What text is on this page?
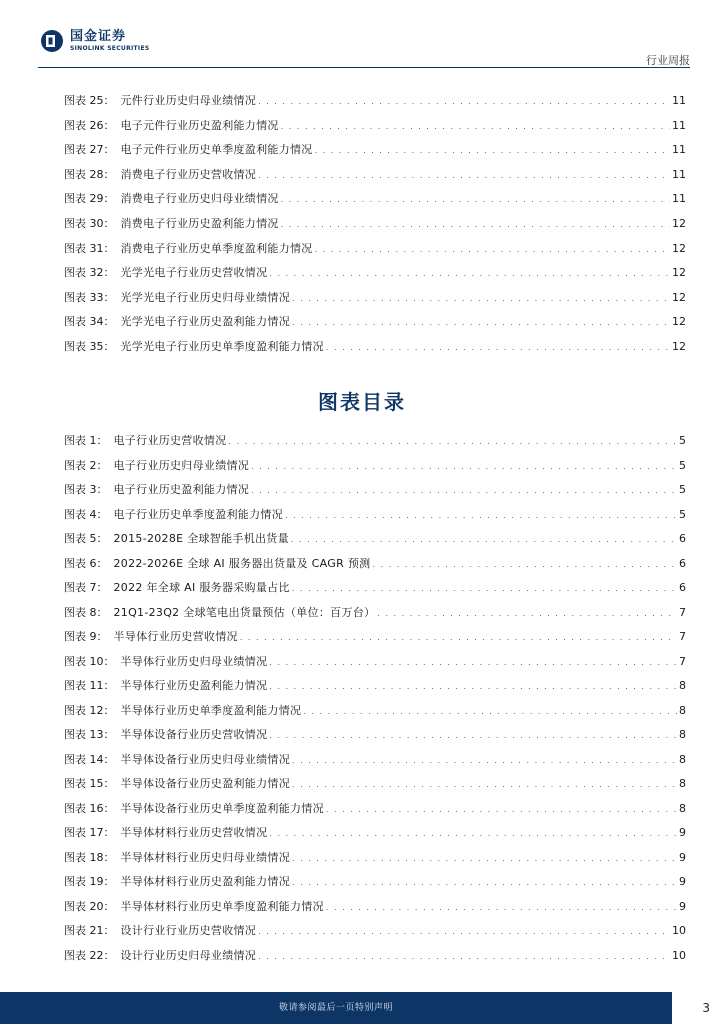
国金证券
SINOLINK SECURITIES
行业周报
图表 25： 元件行业历史归母业绩情况 . . .	11
图表 26： 电子元件行业历史盈利能力情况 . . .	11
图表 27： 电子元件行业历史单季度盈利能力情况 . . .	11
图表 28： 消费电子行业历史营收情况 . . .	11
图表 29： 消费电子行业历史归母业绩情况 . . .	11
图表 30： 消费电子行业历史盈利能力情况 . . .	12
图表 31： 消费电子行业历史单季度盈利能力情况 . . .	12
图表 32： 光学光电子行业历史营收情况 . . .	12
图表 33： 光学光电子行业历史归母业绩情况 . . .	12
图表 34： 光学光电子行业历史盈利能力情况 . . .	12
图表 35： 光学光电子行业历史单季度盈利能力情况 . . .	12
图表目录
图表 1： 电子行业历史营收情况 . . .	5
图表 2： 电子行业历史归母业绩情况 . . .	5
图表 3： 电子行业历史盈利能力情况 . . .	5
图表 4： 电子行业历史单季度盈利能力情况 . . .	5
图表 5： 2015-2028E 全球智能手机出货量 . . .	6
图表 6： 2022-2026E 全球 AI 服务器出货量及 CAGR 预测 . . .	6
图表 7： 2022 年全球 AI 服务器采购量占比 . . .	6
图表 8： 21Q1-23Q2 全球笔电出货量预估（单位：百万台） . . .	7
图表 9： 半导体行业历史营收情况 . . .	7
图表 10： 半导体行业历史归母业绩情况 . . .	7
图表 11： 半导体行业历史盈利能力情况 . . .	8
图表 12： 半导体行业历史单季度盈利能力情况 . . .	8
图表 13： 半导体设备行业历史营收情况 . . .	8
图表 14： 半导体设备行业历史归母业绩情况 . . .	8
图表 15： 半导体设备行业历史盈利能力情况 . . .	8
图表 16： 半导体设备行业历史单季度盈利能力情况 . . .	8
图表 17： 半导体材料行业历史营收情况 . . .	9
图表 18： 半导体材料行业历史归母业绩情况 . . .	9
图表 19： 半导体材料行业历史盈利能力情况 . . .	9
图表 20： 半导体材料行业历史单季度盈利能力情况 . . .	9
图表 21： 设计行业行业历史营收情况 . . .	10
图表 22： 设计行业历史归母业绩情况 . . .	10
敬请参阅最后一页特别声明	3
